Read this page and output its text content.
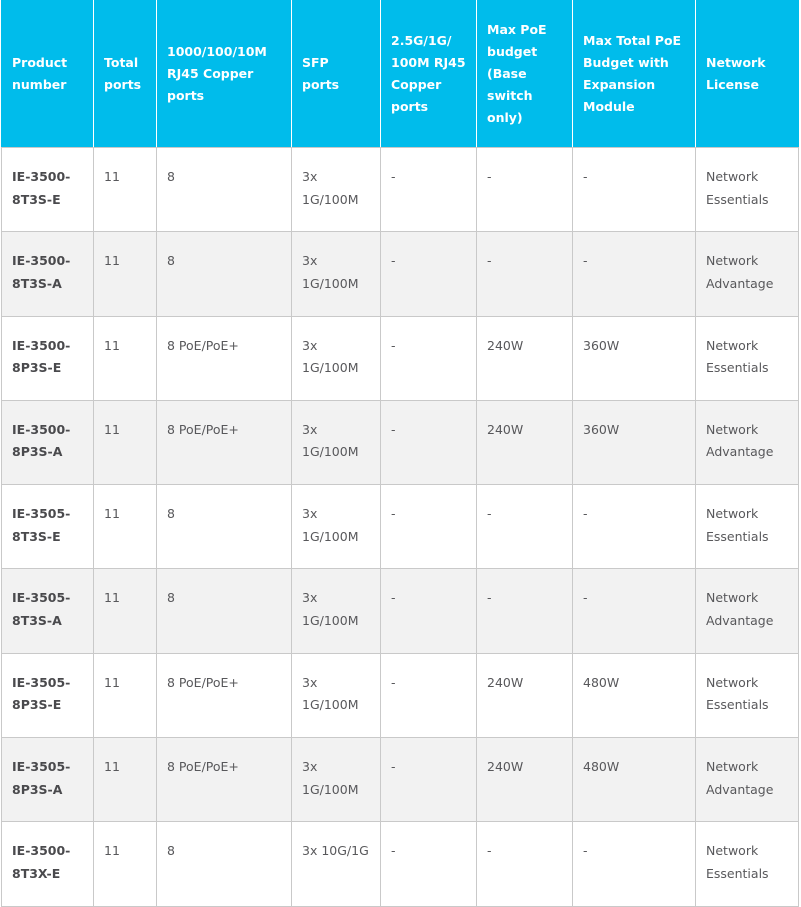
Product number	Total ports	1000/100/10M RJ45 Copper ports	SFP ports	2.5G/1G/ 100M RJ45 Copper ports	Max PoE budget (Base switch only)	Max Total PoE Budget with Expansion Module	Network License
IE-3500-8T3S-E	11	8	3x 1G/100M	-	-	-	Network Essentials
IE-3500-8T3S-A	11	8	3x 1G/100M	-	-	-	Network Advantage
IE-3500-8P3S-E	11	8 PoE/PoE+	3x 1G/100M	-	240W	360W	Network Essentials
IE-3500-8P3S-A	11	8 PoE/PoE+	3x 1G/100M	-	240W	360W	Network Advantage
IE-3505-8T3S-E	11	8	3x 1G/100M	-	-	-	Network Essentials
IE-3505-8T3S-A	11	8	3x 1G/100M	-	-	-	Network Advantage
IE-3505-8P3S-E	11	8 PoE/PoE+	3x 1G/100M	-	240W	480W	Network Essentials
IE-3505-8P3S-A	11	8 PoE/PoE+	3x 1G/100M	-	240W	480W	Network Advantage
IE-3500-8T3X-E	11	8	3x 10G/1G	-	-	-	Network Essentials
